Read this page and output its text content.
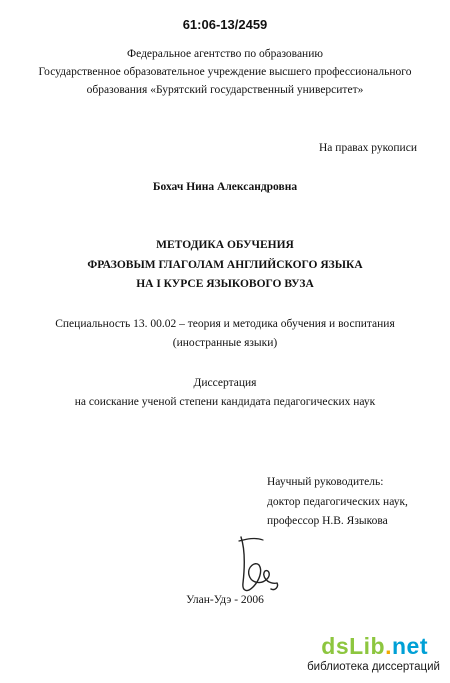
61:06-13/2459
Федеральное агентство по образованию
Государственное образовательное учреждение высшего профессионального
образования «Бурятский государственный университет»
На правах рукописи
Бохач Нина Александровна
МЕТОДИКА ОБУЧЕНИЯ
ФРАЗОВЫМ ГЛАГОЛАМ АНГЛИЙСКОГО ЯЗЫКА
НА I КУРСЕ ЯЗЫКОВОГО ВУЗА
Специальность 13. 00.02 – теория и методика обучения и воспитания
(иностранные языки)
Диссертация
на соискание ученой степени кандидата педагогических наук
Научный руководитель:
доктор педагогических наук,
профессор Н.В. Языкова
Улан-Удэ - 2006
dsLib.net
библиотека диссертаций
